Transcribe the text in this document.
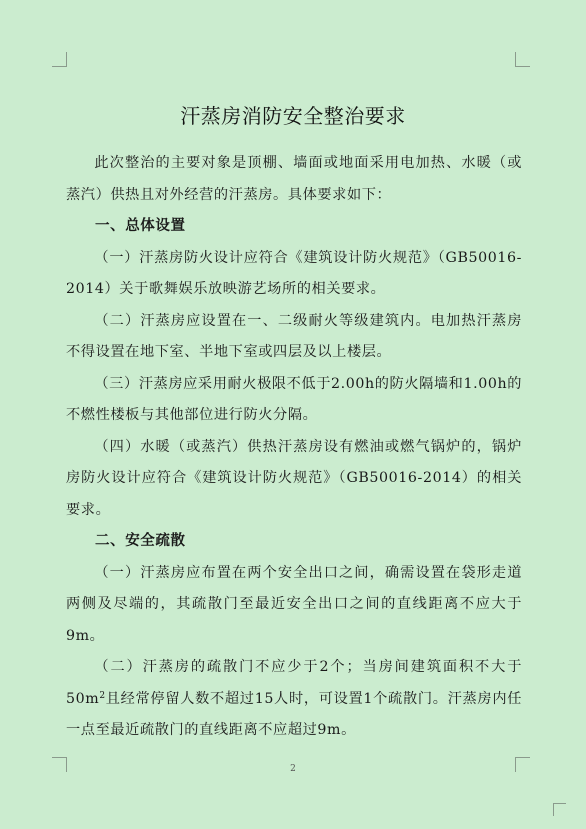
汗蒸房消防安全整治要求

此次整治的主要对象是顶棚、墙面或地面采用电加热、水暖（或蒸汽）供热且对外经营的汗蒸房。具体要求如下：

一、总体设置

（一）汗蒸房防火设计应符合《建筑设计防火规范》（GB50016-2014）关于歌舞娱乐放映游艺场所的相关要求。

（二）汗蒸房应设置在一、二级耐火等级建筑内。电加热汗蒸房不得设置在地下室、半地下室或四层及以上楼层。

（三）汗蒸房应采用耐火极限不低于2.00h的防火隔墙和1.00h的不燃性楼板与其他部位进行防火分隔。

（四）水暖（或蒸汽）供热汗蒸房设有燃油或燃气锅炉的，锅炉房防火设计应符合《建筑设计防火规范》（GB50016-2014）的相关要求。

二、安全疏散

（一）汗蒸房应布置在两个安全出口之间，确需设置在袋形走道两侧及尽端的，其疏散门至最近安全出口之间的直线距离不应大于9m。

（二）汗蒸房的疏散门不应少于2个；当房间建筑面积不大于$50m^2$且经常停留人数不超过15人时，可设置1个疏散门。汗蒸房内任一点至最近疏散门的直线距离不应超过9m。

2
